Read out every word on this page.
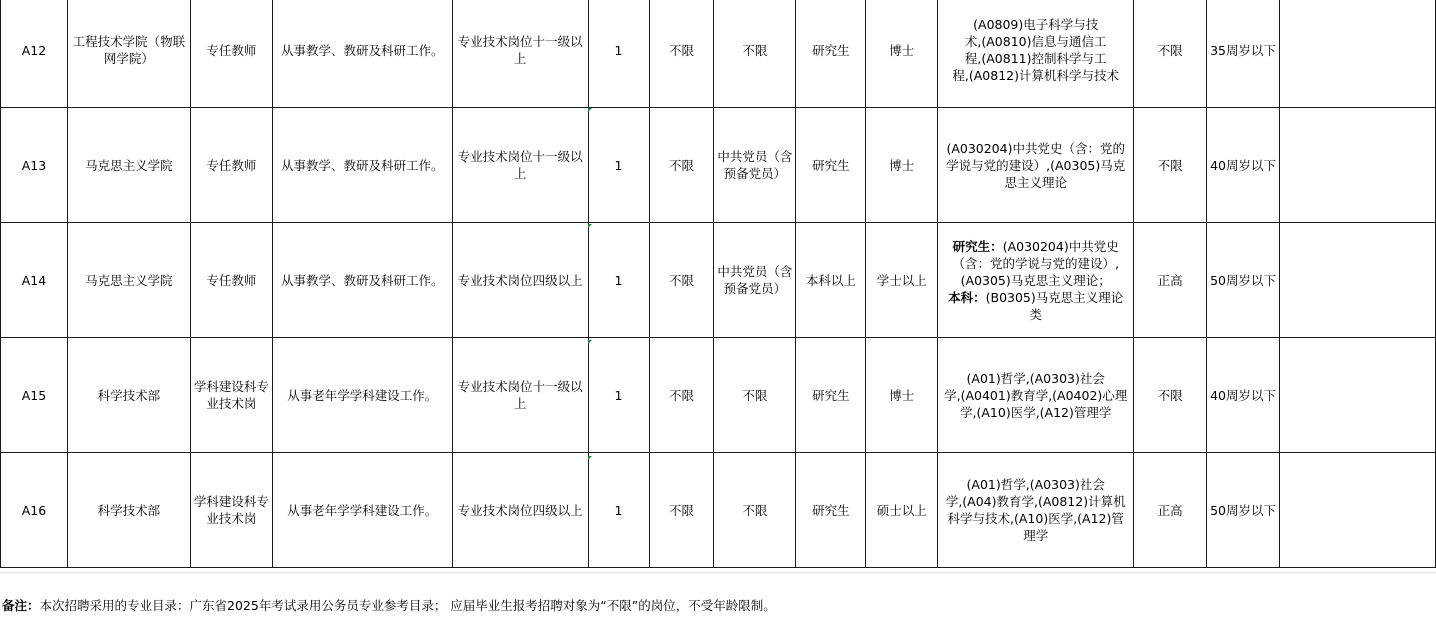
A12	工程技术学院（物联网学院）	专任教师	从事教学、教研及科研工作。	专业技术岗位十一级以上	1	不限	不限	研究生	博士	(A0809)电子科学与技
术,(A0810)信息与通信工
程,(A0811)控制科学与工
程,(A0812)计算机科学与技术	不限	35周岁以下	
A13	马克思主义学院	专任教师	从事教学、教研及科研工作。	专业技术岗位十一级以上	1	不限	中共党员（含预备党员）	研究生	博士	(A030204)中共党史（含：党的
学说与党的建设）,(A0305)马克
思主义理论	不限	40周岁以下	
A14	马克思主义学院	专任教师	从事教学、教研及科研工作。	专业技术岗位四级以上	1	不限	中共党员（含预备党员）	本科以上	学士以上	研究生：(A030204)中共党史（含：党的学说与党的建设）,(A0305)马克思主义理论；
本科：(B0305)马克思主义理论类	正高	50周岁以下	
A15	科学技术部	学科建设科专业技术岗	从事老年学学科建设工作。	专业技术岗位十一级以上	1	不限	不限	研究生	博士	(A01)哲学,(A0303)社会
学,(A0401)教育学,(A0402)心理
学,(A10)医学,(A12)管理学	不限	40周岁以下	
A16	科学技术部	学科建设科专业技术岗	从事老年学学科建设工作。	专业技术岗位四级以上	1	不限	不限	研究生	硕士以上	(A01)哲学,(A0303)社会
学,(A04)教育学,(A0812)计算机
科学与技术,(A10)医学,(A12)管
理学	正高	50周岁以下	
备注：本次招聘采用的专业目录：广东省2025年考试录用公务员专业参考目录； 应届毕业生报考招聘对象为“不限”的岗位，不受年龄限制。
